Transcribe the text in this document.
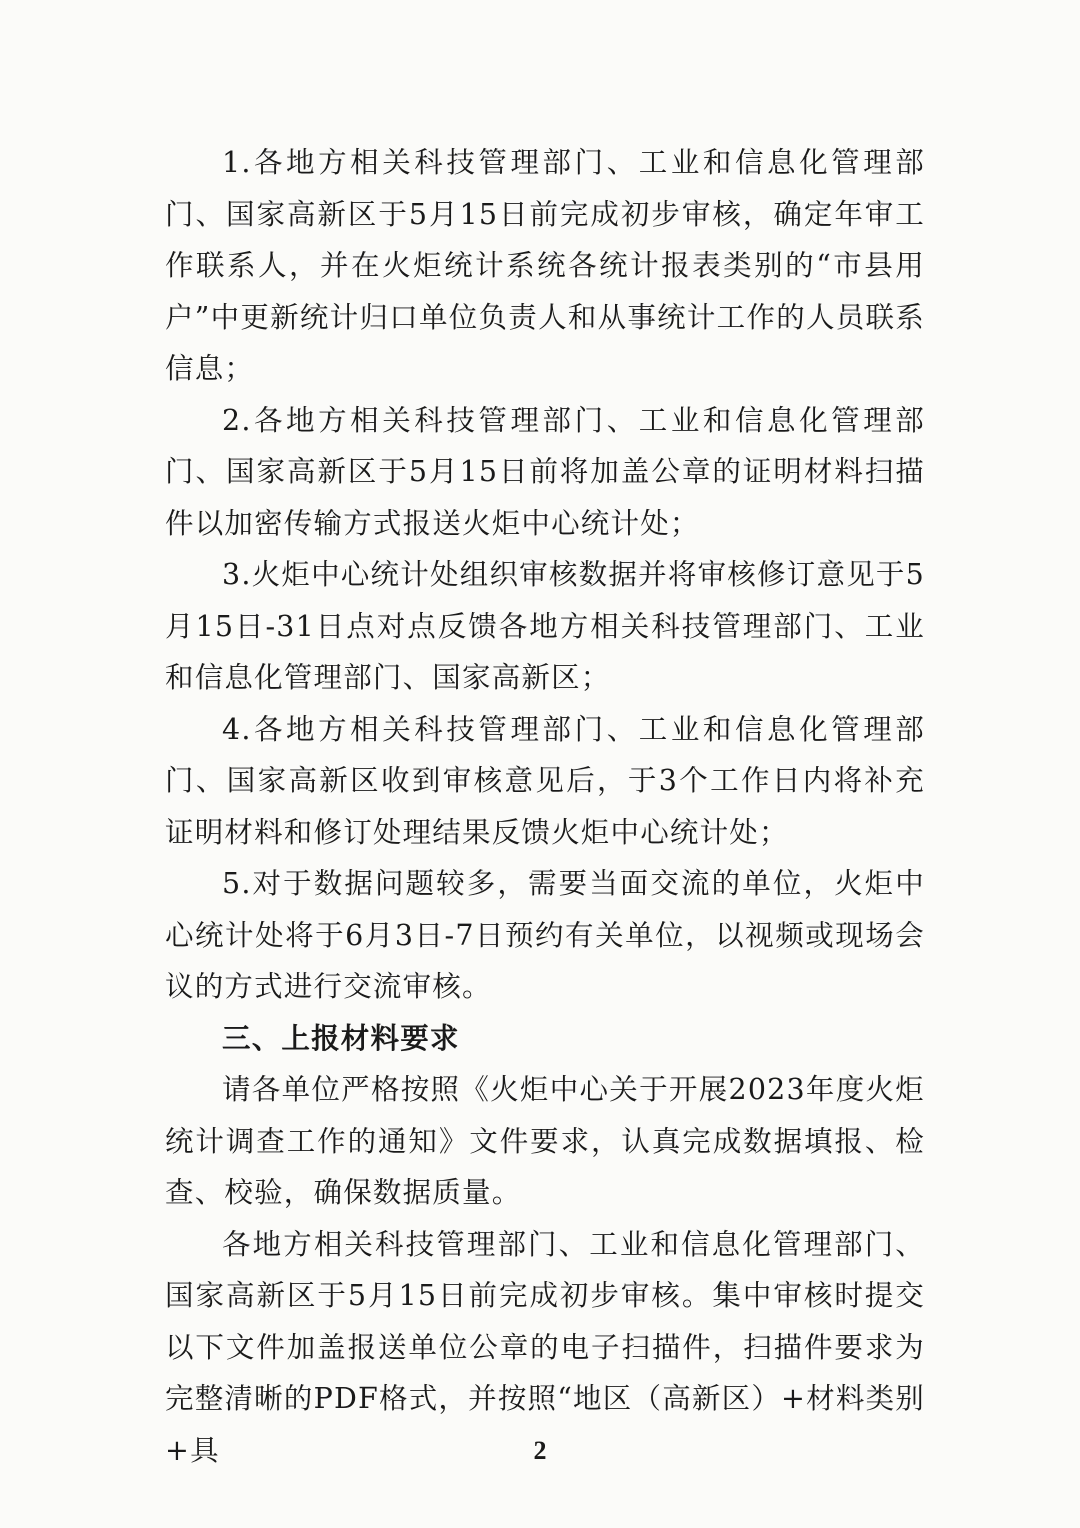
1.各地方相关科技管理部门、工业和信息化管理部门、国家高新区于5月15日前完成初步审核，确定年审工作联系人，并在火炬统计系统各统计报表类别的“市县用户”中更新统计归口单位负责人和从事统计工作的人员联系信息；

2.各地方相关科技管理部门、工业和信息化管理部门、国家高新区于5月15日前将加盖公章的证明材料扫描件以加密传输方式报送火炬中心统计处；

3.火炬中心统计处组织审核数据并将审核修订意见于5月15日-31日点对点反馈各地方相关科技管理部门、工业和信息化管理部门、国家高新区；

4.各地方相关科技管理部门、工业和信息化管理部门、国家高新区收到审核意见后，于3个工作日内将补充证明材料和修订处理结果反馈火炬中心统计处；

5.对于数据问题较多，需要当面交流的单位，火炬中心统计处将于6月3日-7日预约有关单位，以视频或现场会议的方式进行交流审核。

三、上报材料要求

请各单位严格按照《火炬中心关于开展2023年度火炬统计调查工作的通知》文件要求，认真完成数据填报、检查、校验，确保数据质量。

各地方相关科技管理部门、工业和信息化管理部门、国家高新区于5月15日前完成初步审核。集中审核时提交以下文件加盖报送单位公章的电子扫描件，扫描件要求为完整清晰的PDF格式，并按照“地区（高新区）+材料类别+具	2
